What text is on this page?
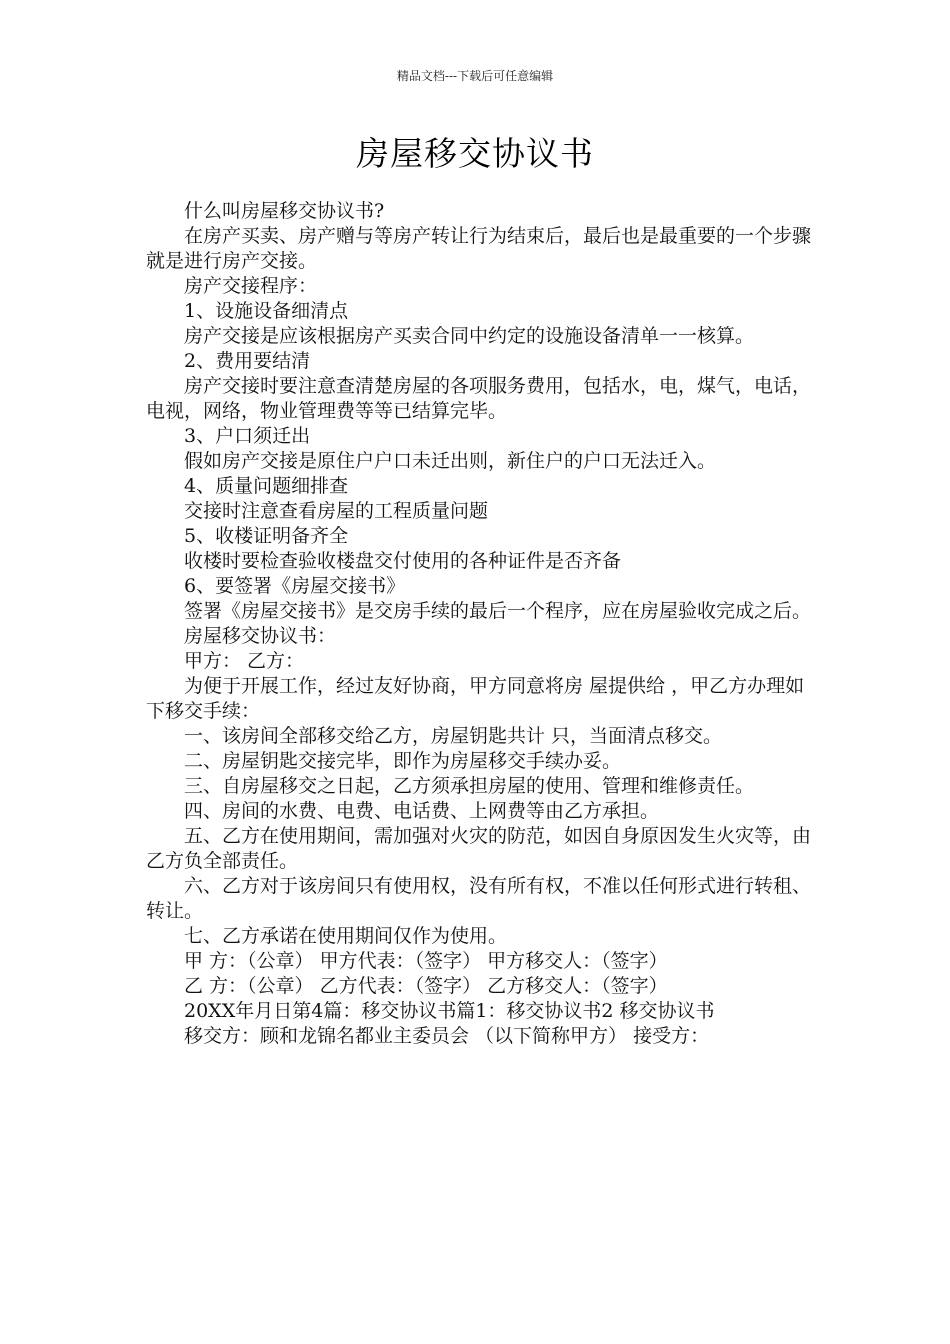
精品文档---下载后可任意编辑
房屋移交协议书

什么叫房屋移交协议书?

在房产买卖、房产赠与等房产转让行为结束后，最后也是最重要的一个步骤就是进行房产交接。

房产交接程序：

1、设施设备细清点

房产交接是应该根据房产买卖合同中约定的设施设备清单一一核算。

2、费用要结清

房产交接时要注意查清楚房屋的各项服务费用，包括水，电，煤气，电话，电视，网络，物业管理费等等已结算完毕。

3、户口须迁出

假如房产交接是原住户户口未迁出则，新住户的户口无法迁入。

4、质量问题细排查

交接时注意查看房屋的工程质量问题

5、收楼证明备齐全

收楼时要检查验收楼盘交付使用的各种证件是否齐备

6、要签署《房屋交接书》

签署《房屋交接书》是交房手续的最后一个程序，应在房屋验收完成之后。

房屋移交协议书：

甲方： 乙方：

为便于开展工作，经过友好协商，甲方同意将房 屋提供给 ，甲乙方办理如下移交手续：

一、该房间全部移交给乙方，房屋钥匙共计 只，当面清点移交。

二、房屋钥匙交接完毕，即作为房屋移交手续办妥。

三、自房屋移交之日起，乙方须承担房屋的使用、管理和维修责任。

四、房间的水费、电费、电话费、上网费等由乙方承担。

五、乙方在使用期间，需加强对火灾的防范，如因自身原因发生火灾等，由乙方负全部责任。

六、乙方对于该房间只有使用权，没有所有权，不准以任何形式进行转租、转让。

七、乙方承诺在使用期间仅作为使用。

甲 方：（公章） 甲方代表：（签字） 甲方移交人：（签字）

乙 方：（公章） 乙方代表：（签字） 乙方移交人：（签字）

20XX年月日第4篇：移交协议书篇1：移交协议书2 移交协议书

移交方：顾和龙锦名都业主委员会 （以下简称甲方） 接受方：
